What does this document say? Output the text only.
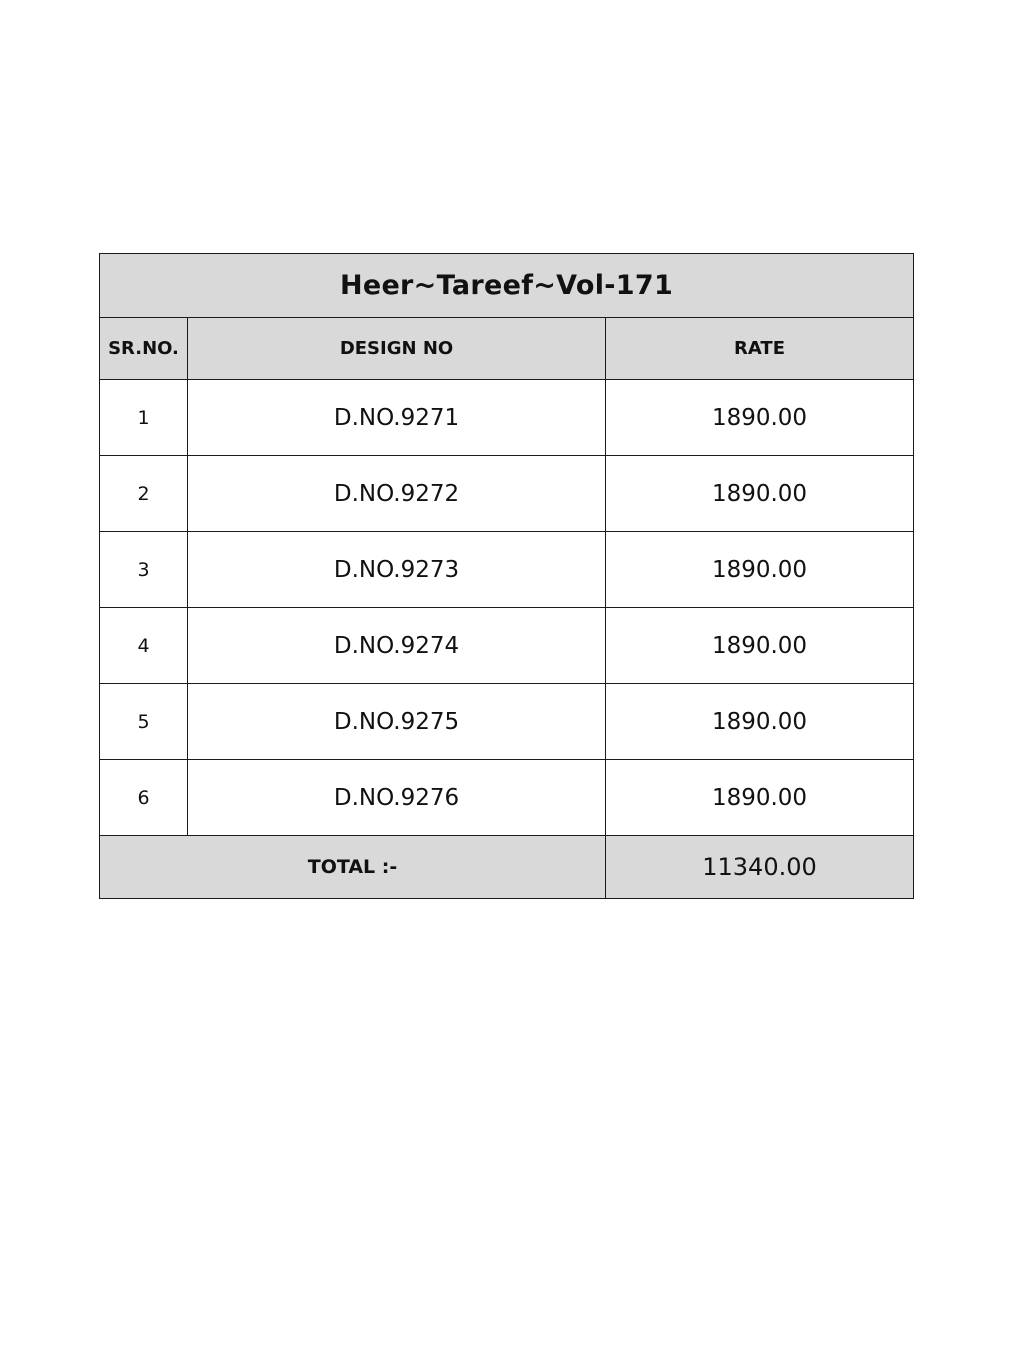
Heer~Tareef~Vol-171		
SR.NO.	DESIGN NO	RATE
1	D.NO.9271	1890.00
2	D.NO.9272	1890.00
3	D.NO.9273	1890.00
4	D.NO.9274	1890.00
5	D.NO.9275	1890.00
6	D.NO.9276	1890.00
TOTAL :-		11340.00
